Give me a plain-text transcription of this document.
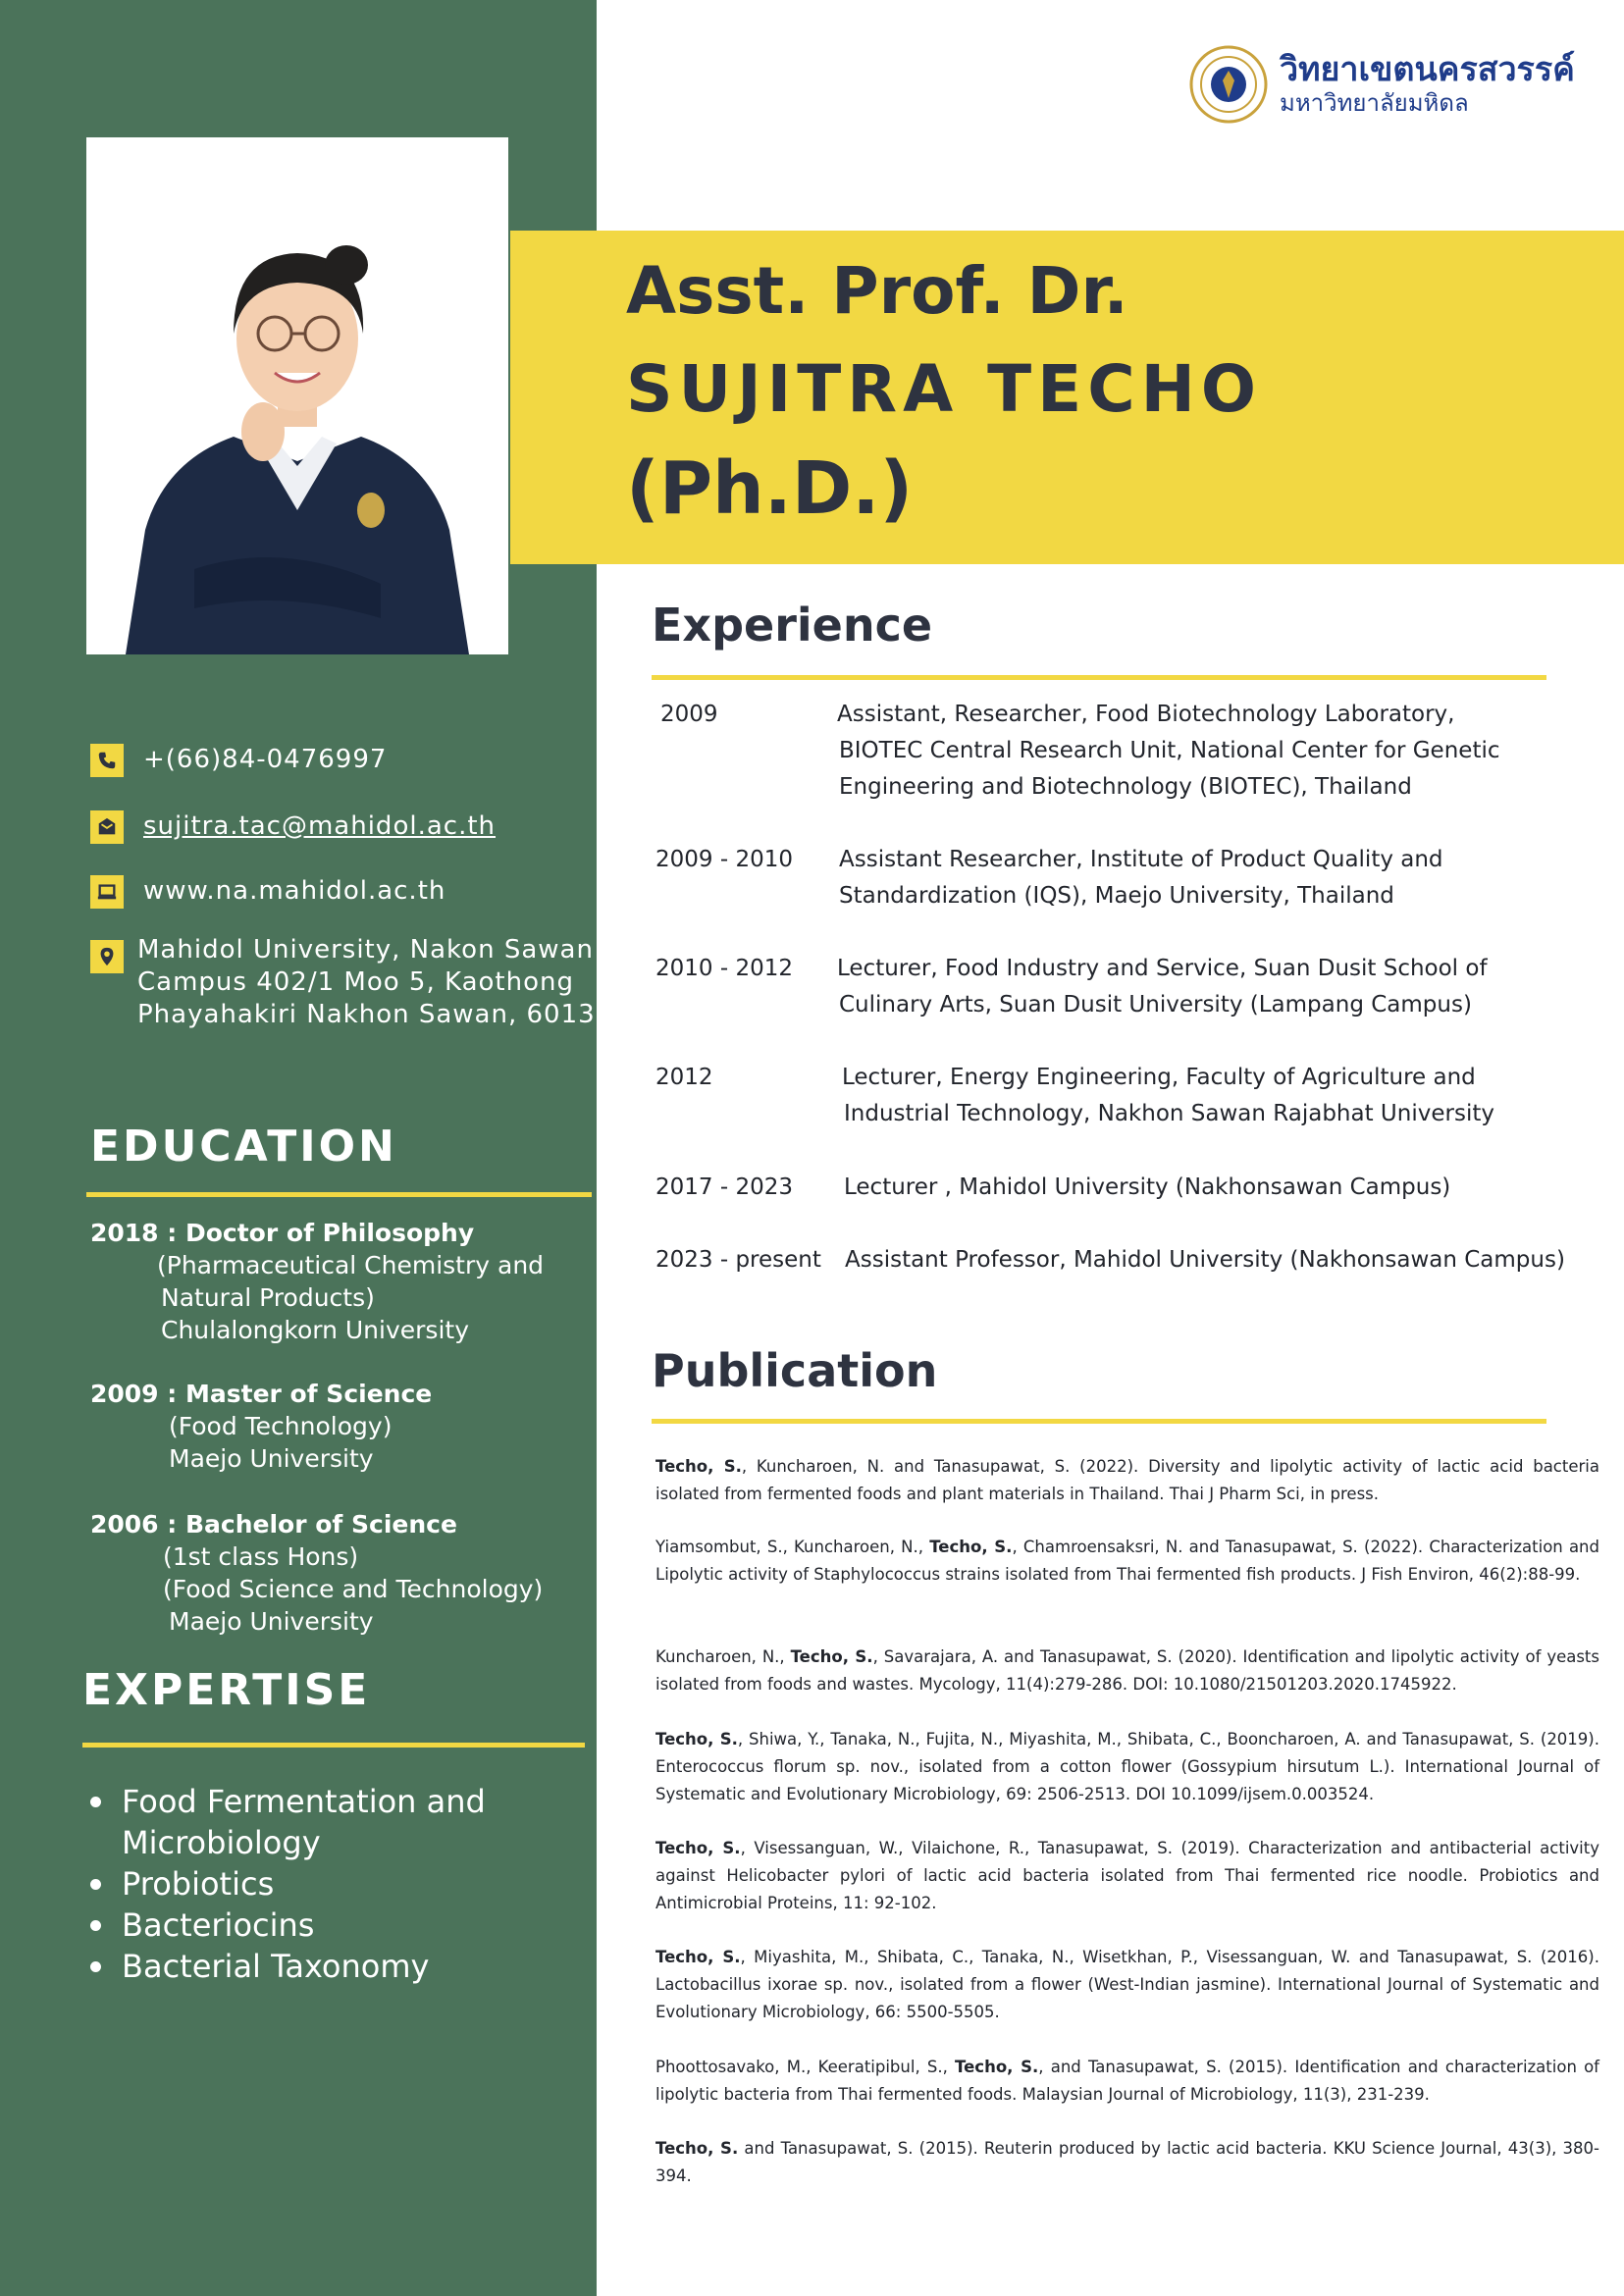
+(66)84-0476997
sujitra.tac@mahidol.ac.th
www.na.mahidol.ac.th
Mahidol University, Nakon Sawan
Campus 402/1 Moo 5, Kaothong
Phayahakiri Nakhon Sawan, 60130
EDUCATION
2018 : Doctor of Philosophy
(Pharmaceutical Chemistry and
Natural Products)
Chulalongkorn University
2009 : Master of Science
(Food Technology)
Maejo University
2006 : Bachelor of Science
(1st class Hons)
(Food Science and Technology)
Maejo University
EXPERTISE
Food Fermentation and
Microbiology
Probiotics
Bacteriocins
Bacterial Taxonomy
วิทยาเขตนครสวรรค์
มหาวิทยาลัยมหิดล
Asst. Prof. Dr.
SUJITRA TECHO
(Ph.D.)
Experience
2009	Assistant, Researcher, Food Biotechnology Laboratory,
BIOTEC Central Research Unit, National Center for Genetic
Engineering and Biotechnology (BIOTEC), Thailand
2009 - 2010	Assistant Researcher, Institute of Product Quality and
Standardization (IQS), Maejo University, Thailand
2010 - 2012	Lecturer, Food Industry and Service, Suan Dusit School of
Culinary Arts, Suan Dusit University (Lampang Campus)
2012	Lecturer, Energy Engineering, Faculty of Agriculture and
Industrial Technology, Nakhon Sawan Rajabhat University
2017 - 2023	Lecturer , Mahidol University (Nakhonsawan Campus)
2023 - present	Assistant Professor, Mahidol University (Nakhonsawan Campus)
Publication
Techo, S., Kuncharoen, N. and Tanasupawat, S. (2022). Diversity and lipolytic activity of lactic acid bacteria isolated from fermented foods and plant materials in Thailand. Thai J Pharm Sci, in press.
Yiamsombut, S., Kuncharoen, N., Techo, S., Chamroensaksri, N. and Tanasupawat, S. (2022). Characterization and Lipolytic activity of Staphylococcus strains isolated from Thai fermented fish products. J Fish Environ, 46(2):88-99.
Kuncharoen, N., Techo, S., Savarajara, A. and Tanasupawat, S. (2020). Identification and lipolytic activity of yeasts isolated from foods and wastes. Mycology, 11(4):279-286. DOI: 10.1080/21501203.2020.1745922.
Techo, S., Shiwa, Y., Tanaka, N., Fujita, N., Miyashita, M., Shibata, C., Booncharoen, A. and Tanasupawat, S. (2019). Enterococcus florum sp. nov., isolated from a cotton flower (Gossypium hirsutum L.). International Journal of Systematic and Evolutionary Microbiology, 69: 2506-2513. DOI 10.1099/ijsem.0.003524.
Techo, S., Visessanguan, W., Vilaichone, R., Tanasupawat, S. (2019). Characterization and antibacterial activity against Helicobacter pylori of lactic acid bacteria isolated from Thai fermented rice noodle. Probiotics and Antimicrobial Proteins, 11: 92-102.
Techo, S., Miyashita, M., Shibata, C., Tanaka, N., Wisetkhan, P., Visessanguan, W. and Tanasupawat, S. (2016). Lactobacillus ixorae sp. nov., isolated from a flower (West-Indian jasmine). International Journal of Systematic and Evolutionary Microbiology, 66: 5500-5505.
Phoottosavako, M., Keeratipibul, S., Techo, S., and Tanasupawat, S. (2015). Identification and characterization of lipolytic bacteria from Thai fermented foods. Malaysian Journal of Microbiology, 11(3), 231-239.
Techo, S. and Tanasupawat, S. (2015). Reuterin produced by lactic acid bacteria. KKU Science Journal, 43(3), 380-394.
